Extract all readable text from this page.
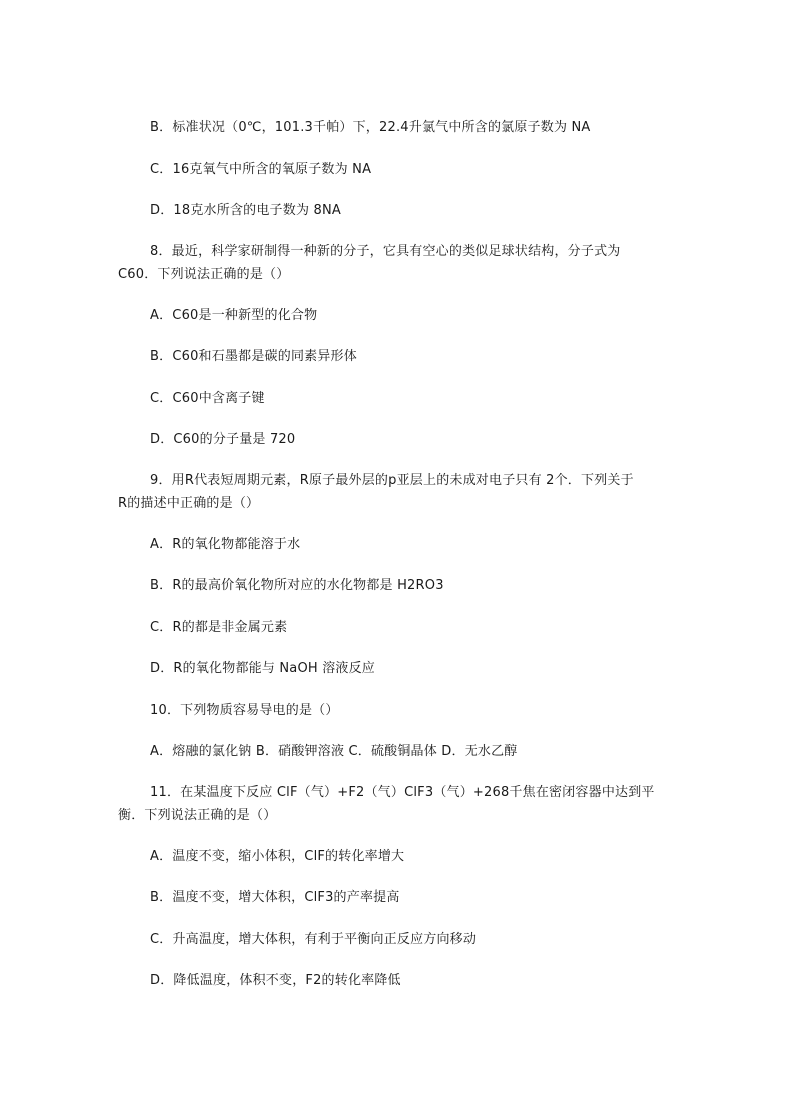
B．标准状况（0℃，101.3千帕）下，22.4升氯气中所含的氯原子数为 NA
C．16克氧气中所含的氧原子数为 NA
D．18克水所含的电子数为 8NA
8．最近，科学家研制得一种新的分子，它具有空心的类似足球状结构，分子式为
C60．下列说法正确的是（）
A．C60是一种新型的化合物
B．C60和石墨都是碳的同素异形体
C．C60中含离子键
D．C60的分子量是 720
9．用R代表短周期元素，R原子最外层的p亚层上的未成对电子只有 2个．下列关于
R的描述中正确的是（）
A．R的氧化物都能溶于水
B．R的最高价氧化物所对应的水化物都是 H2RO3
C．R的都是非金属元素
D．R的氧化物都能与 NaOH 溶液反应
10．下列物质容易导电的是（）
A．熔融的氯化钠 B．硝酸钾溶液 C．硫酸铜晶体 D．无水乙醇
11．在某温度下反应 ClF（气）+F2（气）ClF3（气）+268千焦在密闭容器中达到平
衡．下列说法正确的是（）
A．温度不变，缩小体积，ClF的转化率增大
B．温度不变，增大体积，ClF3的产率提高
C．升高温度，增大体积，有利于平衡向正反应方向移动
D．降低温度，体积不变，F2的转化率降低
